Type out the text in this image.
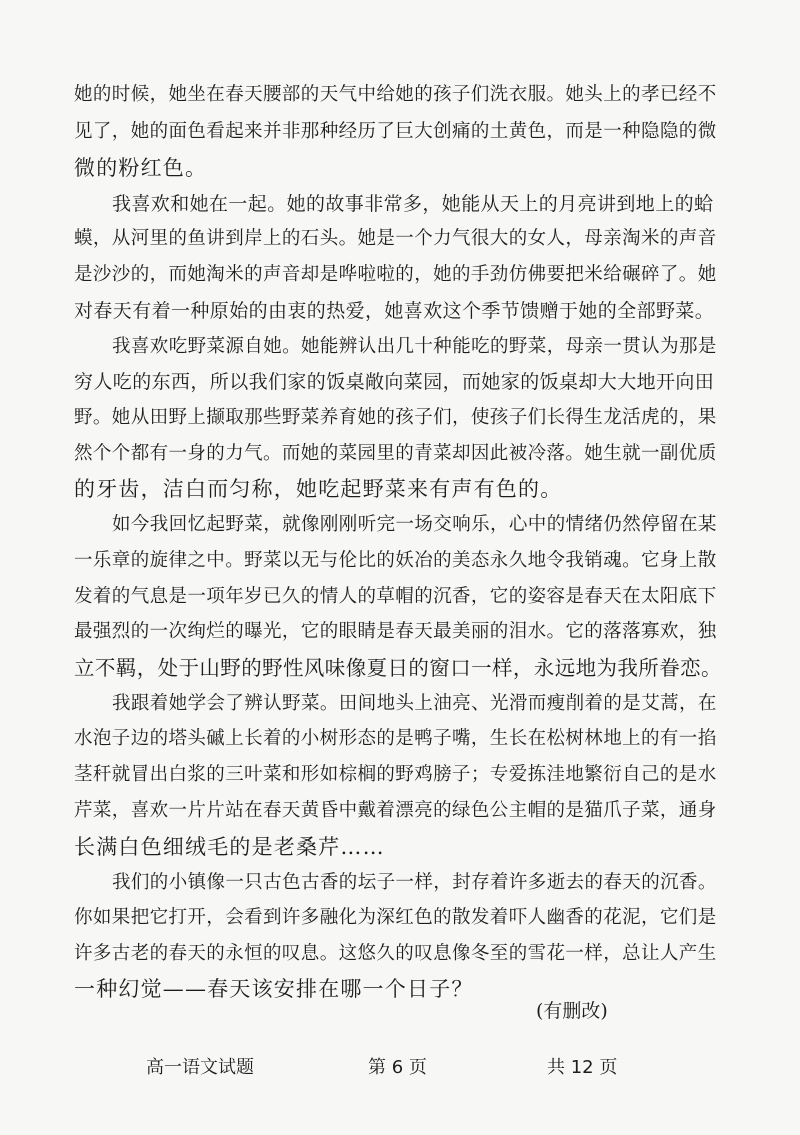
她的时候，她坐在春天腰部的天气中给她的孩子们洗衣服。她头上的孝已经不
见了，她的面色看起来并非那种经历了巨大创痛的土黄色，而是一种隐隐的微
微的粉红色。
我喜欢和她在一起。她的故事非常多，她能从天上的月亮讲到地上的蛤
蟆，从河里的鱼讲到岸上的石头。她是一个力气很大的女人，母亲淘米的声音
是沙沙的，而她淘米的声音却是哗啦啦的，她的手劲仿佛要把米给碾碎了。她
对春天有着一种原始的由衷的热爱，她喜欢这个季节馈赠于她的全部野菜。
我喜欢吃野菜源自她。她能辨认出几十种能吃的野菜，母亲一贯认为那是
穷人吃的东西，所以我们家的饭桌敞向菜园，而她家的饭桌却大大地开向田
野。她从田野上撷取那些野菜养育她的孩子们，使孩子们长得生龙活虎的，果
然个个都有一身的力气。而她的菜园里的青菜却因此被冷落。她生就一副优质
的牙齿，洁白而匀称，她吃起野菜来有声有色的。
如今我回忆起野菜，就像刚刚听完一场交响乐，心中的情绪仍然停留在某
一乐章的旋律之中。野菜以无与伦比的妖冶的美态永久地令我销魂。它身上散
发着的气息是一项年岁已久的情人的草帽的沉香，它的姿容是春天在太阳底下
最强烈的一次绚烂的曝光，它的眼睛是春天最美丽的泪水。它的落落寡欢，独
立不羁，处于山野的野性风味像夏日的窗口一样，永远地为我所眷恋。
我跟着她学会了辨认野菜。田间地头上油亮、光滑而瘦削着的是艾蒿，在
水泡子边的塔头磩上长着的小树形态的是鸭子嘴，生长在松树林地上的有一掐
茎秆就冒出白浆的三叶菜和形如棕榈的野鸡膀子；专爱拣洼地繁衍自己的是水
芹菜，喜欢一片片站在春天黄昏中戴着漂亮的绿色公主帽的是猫爪子菜，通身
长满白色细绒毛的是老桑芹……
我们的小镇像一只古色古香的坛子一样，封存着许多逝去的春天的沉香。
你如果把它打开，会看到许多融化为深红色的散发着吓人幽香的花泥，它们是
许多古老的春天的永恒的叹息。这悠久的叹息像冬至的雪花一样，总让人产生
一种幻觉——春天该安排在哪一个日子？
(有删改)
高一语文试题	第 6 页	共 12 页
